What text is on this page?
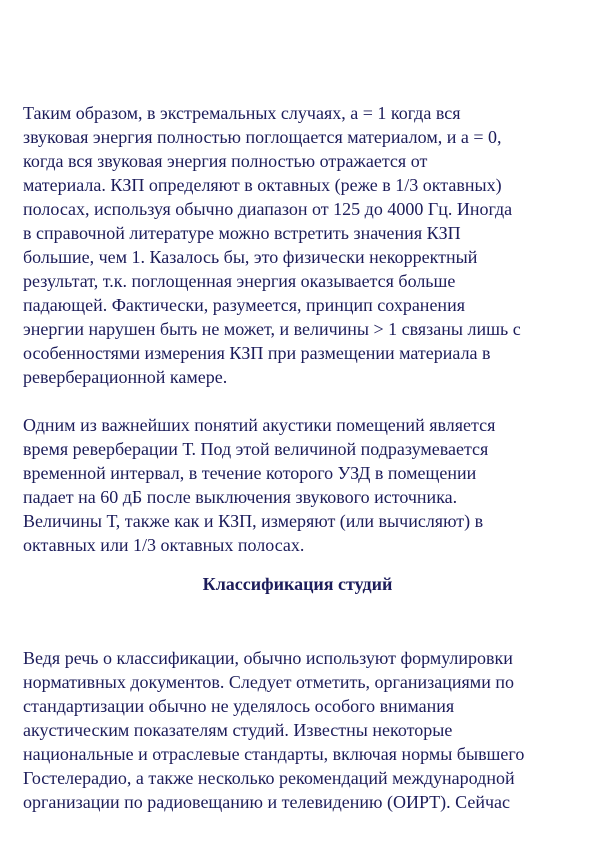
Таким образом, в экстремальных случаях, а = 1 когда вся

звуковая энергия полностью поглощается материалом, и а = 0,

когда вся звуковая энергия полностью отражается от

материала. КЗП определяют в октавных (реже в 1/3 октавных)

полосах, используя обычно диапазон от 125 до 4000 Гц. Иногда

в справочной литературе можно встретить значения КЗП

большие, чем 1. Казалось бы, это физически некорректный

результат, т.к. поглощенная энергия оказывается больше

падающей. Фактически, разумеется, принцип сохранения

энергии нарушен быть не может, и величины > 1 связаны лишь с

особенностями измерения КЗП при размещении материала в

реверберационной камере.

Одним из важнейших понятий акустики помещений является

время реверберации Т. Под этой величиной подразумевается

временной интервал, в течение которого УЗД в помещении

падает на 60 дБ после выключения звукового источника.

Величины Т, также как и КЗП, измеряют (или вычисляют) в

октавных или 1/3 октавных полосах.

Классификация студий

Ведя речь о классификации, обычно используют формулировки

нормативных документов. Следует отметить, организациями по

стандартизации обычно не уделялось особого внимания

акустическим показателям студий. Известны некоторые

национальные и отраслевые стандарты, включая нормы бывшего

Гостелерадио, а также несколько рекомендаций международной

организации по радиовещанию и телевидению (ОИРТ). Сейчас
